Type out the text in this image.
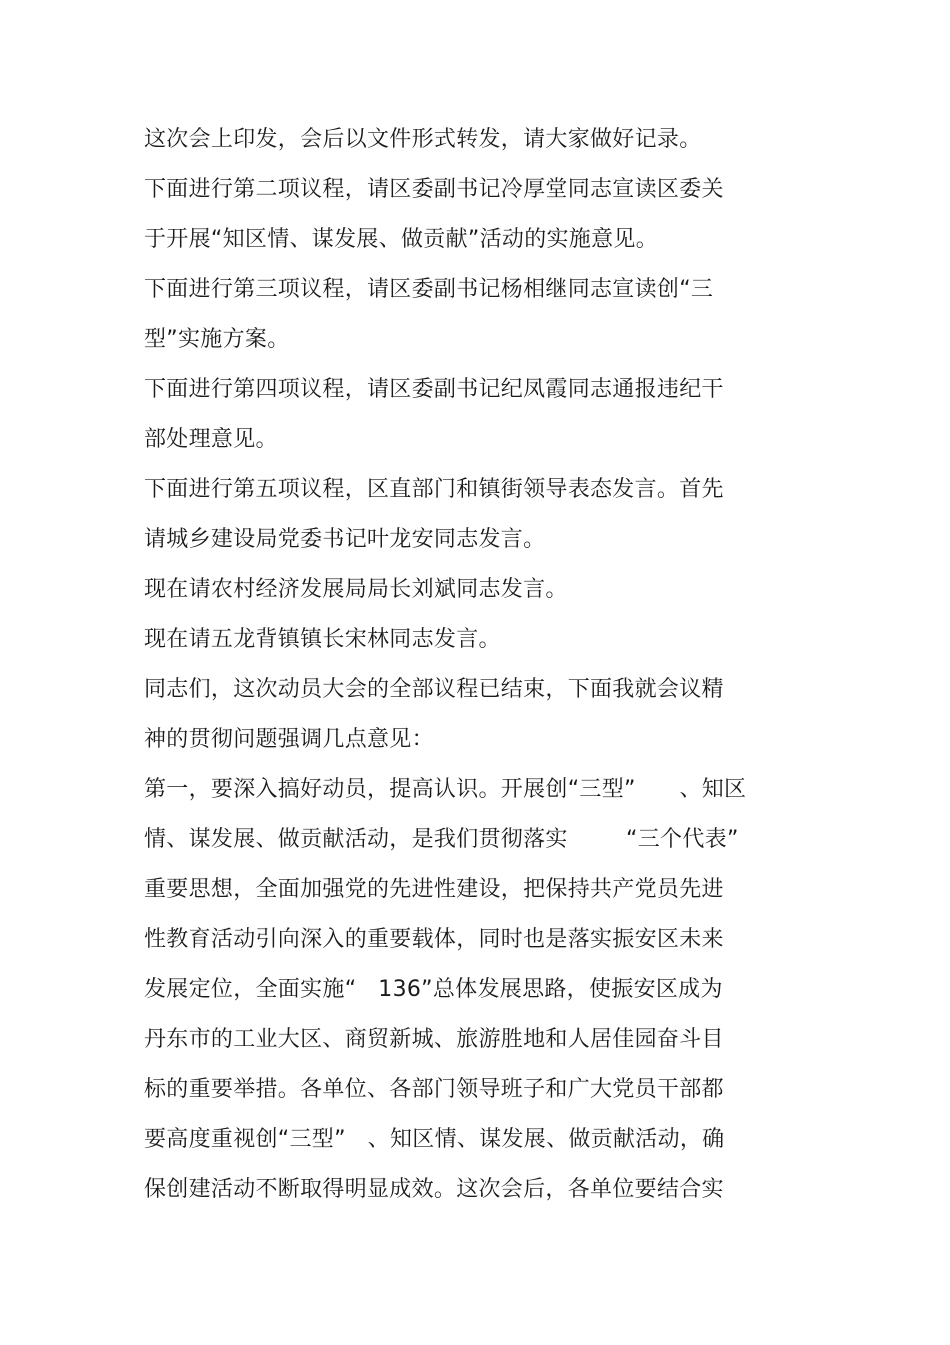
这次会上印发，会后以文件形式转发，请大家做好记录。
下面进行第二项议程，请区委副书记冷厚堂同志宣读区委关
于开展“知区情、谋发展、做贡献”活动的实施意见。
下面进行第三项议程，请区委副书记杨相继同志宣读创“三
型”实施方案。
下面进行第四项议程，请区委副书记纪凤霞同志通报违纪干
部处理意见。
下面进行第五项议程，区直部门和镇街领导表态发言。首先
请城乡建设局党委书记叶龙安同志发言。
现在请农村经济发展局局长刘斌同志发言。
现在请五龙背镇镇长宋林同志发言。
同志们，这次动员大会的全部议程已结束，下面我就会议精
神的贯彻问题强调几点意见：
第一，要深入搞好动员，提高认识。开展创“三型”      、知区
情、谋发展、做贡献活动，是我们贯彻落实        “三个代表”
重要思想，全面加强党的先进性建设，把保持共产党员先进
性教育活动引向深入的重要载体，同时也是落实振安区未来
发展定位，全面实施“   136”总体发展思路，使振安区成为
丹东市的工业大区、商贸新城、旅游胜地和人居佳园奋斗目
标的重要举措。各单位、各部门领导班子和广大党员干部都
要高度重视创“三型”   、知区情、谋发展、做贡献活动，确
保创建活动不断取得明显成效。这次会后，各单位要结合实
